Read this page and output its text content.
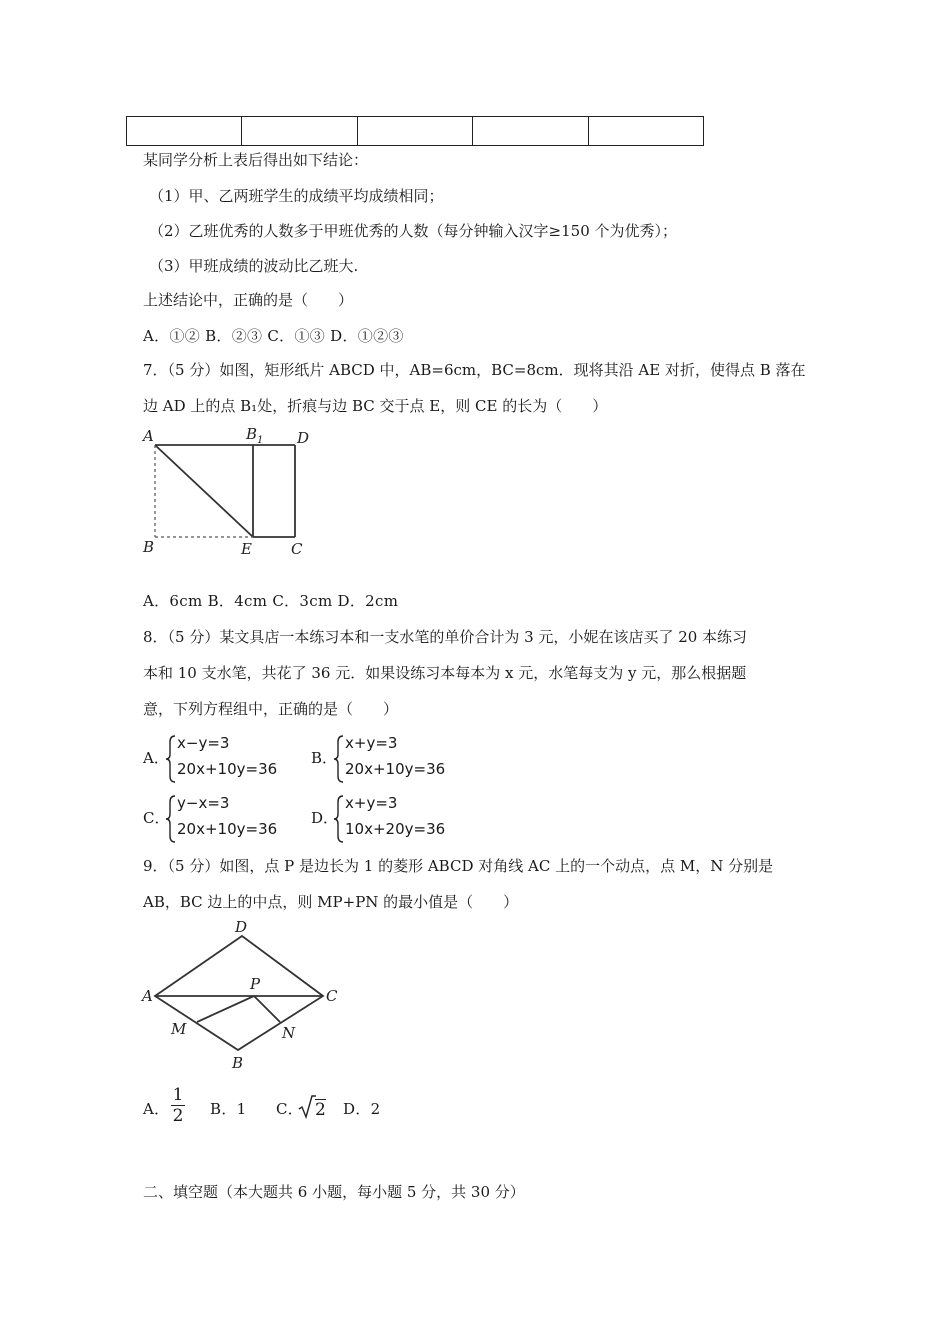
某同学分析上表后得出如下结论：
（1）甲、乙两班学生的成绩平均成绩相同；
（2）乙班优秀的人数多于甲班优秀的人数（每分钟输入汉字≥150 个为优秀）；
（3）甲班成绩的波动比乙班大.
上述结论中，正确的是（　　）
A．①② B．②③ C．①③ D．①②③
7．（5 分）如图，矩形纸片 ABCD 中，AB=6cm，BC=8cm．现将其沿 AE 对折，使得点 B 落在
边 AD 上的点 B₁处，折痕与边 BC 交于点 E，则 CE 的长为（　　）
A	B 1 D
B	E	C
A．6cm B．4cm C．3cm D．2cm
8．（5 分）某文具店一本练习本和一支水笔的单价合计为 3 元，小妮在该店买了 20 本练习
本和 10 支水笔，共花了 36 元．如果设练习本每本为 x 元，水笔每支为 y 元，那么根据题
意，下列方程组中，正确的是（　　）
A．
x−y=3
20x+10y=36
B．
x+y=3
20x+10y=36
C．
y−x=3
20x+10y=36
D．
x+y=3
10x+20y=36
9．（5 分）如图，点 P 是边长为 1 的菱形 ABCD 对角线 AC 上的一个动点，点 M，N 分别是
AB，BC 边上的中点，则 MP+PN 的最小值是（　　）
D
A
P
C
M	N
B
A．
1
2	B．1 C． 2 D．2
二、填空题（本大题共 6 小题，每小题 5 分，共 30 分）
